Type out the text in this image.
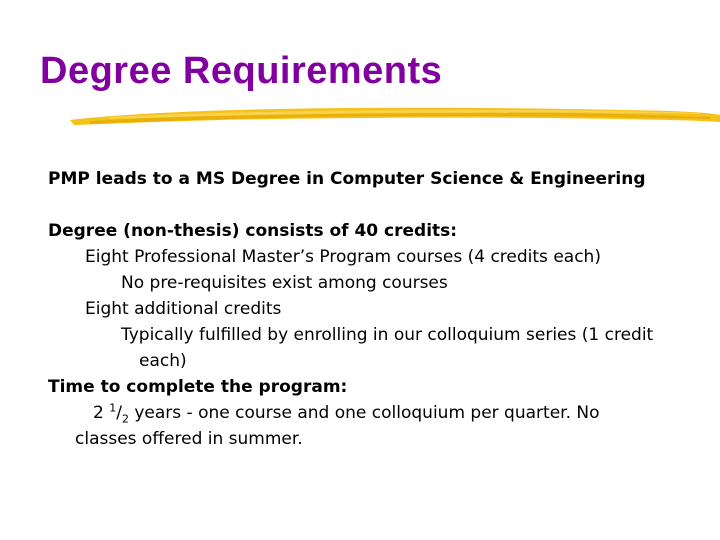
Degree Requirements
PMP leads to a MS Degree in Computer Science & Engineering
Degree (non-thesis) consists of 40 credits:
Eight Professional Master’s Program courses (4 credits each)
No pre-requisites exist among courses
Eight additional credits
Typically fulfilled by enrolling in our colloquium series (1 credit
each)
Time to complete the program:
2 $^1/_2$ years - one course and one colloquium per quarter. No
classes offered in summer.
